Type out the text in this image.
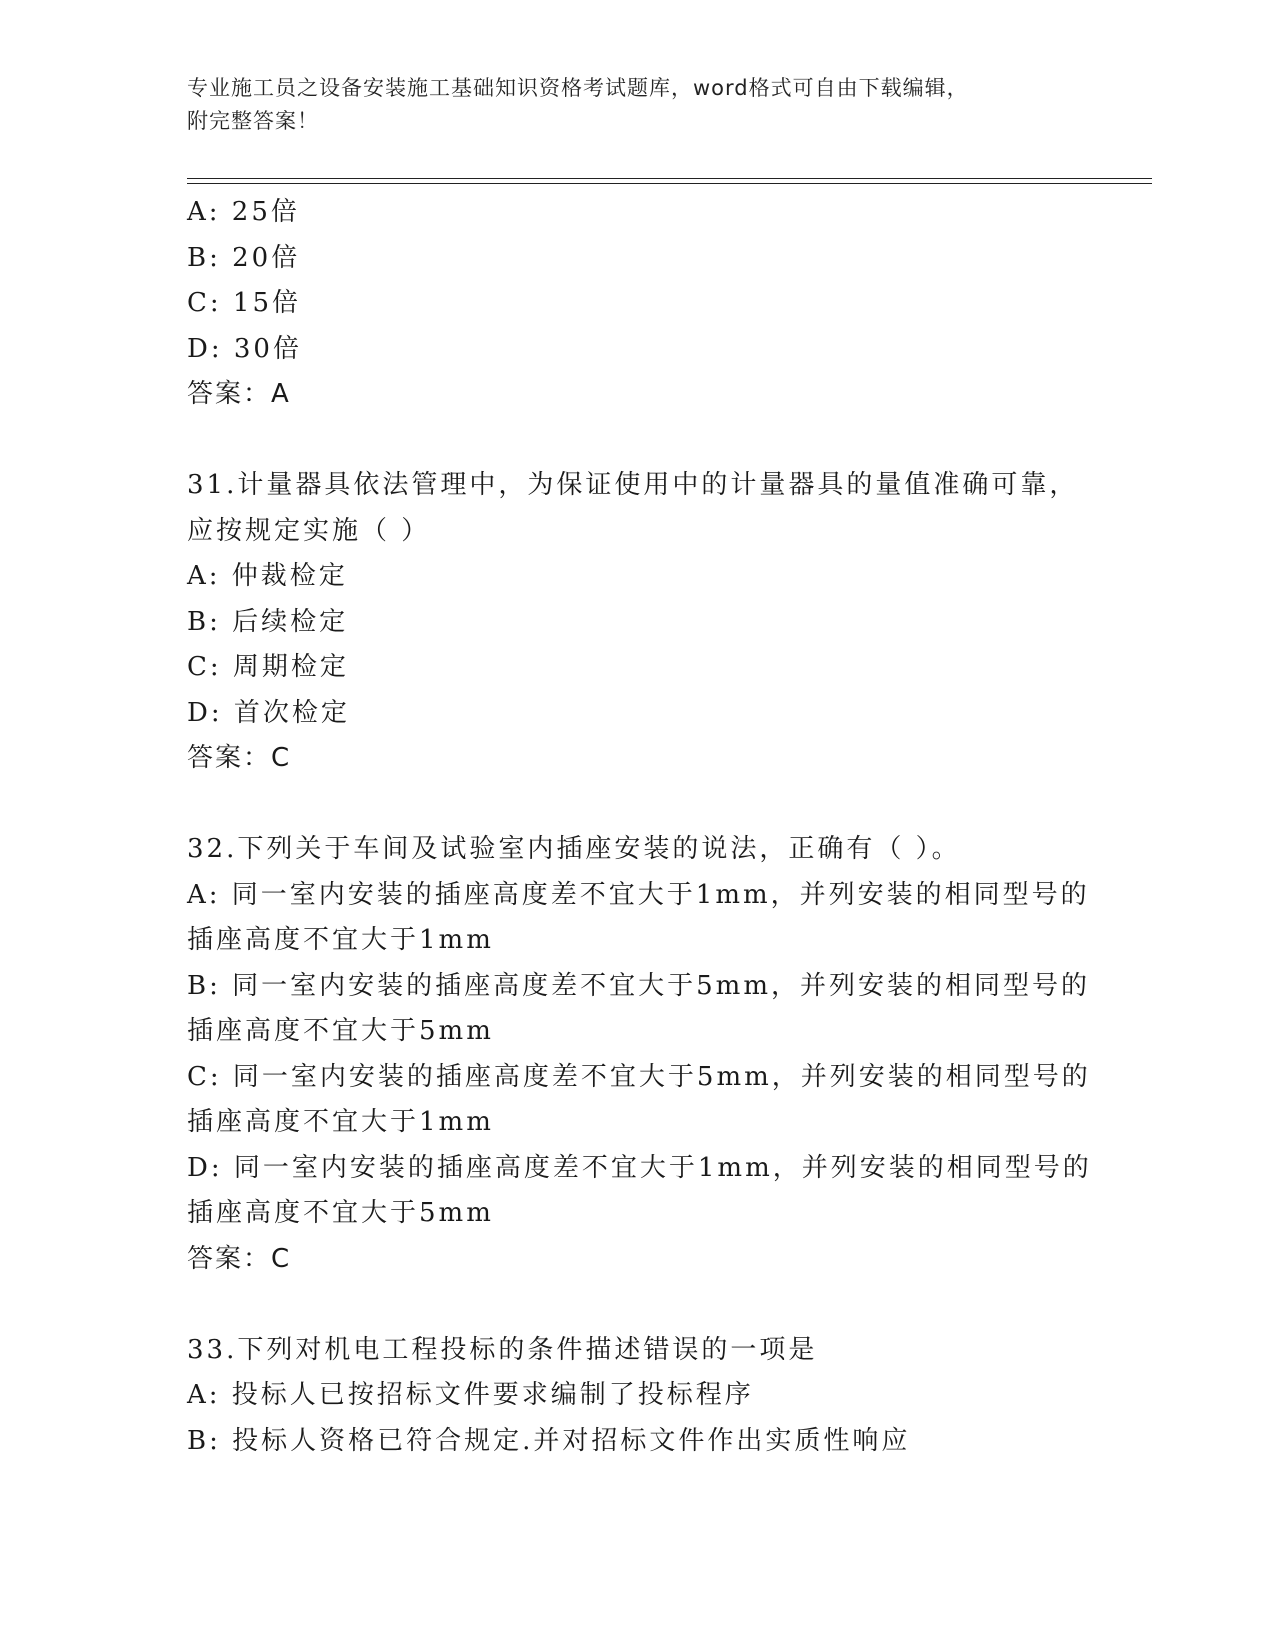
专业施工员之设备安装施工基础知识资格考试题库，word格式可自由下载编辑，
附完整答案！
A: 25倍
B: 20倍
C: 15倍
D: 30倍
答案：A
31.计量器具依法管理中，为保证使用中的计量器具的量值准确可靠，
应按规定实施（ ）
A: 仲裁检定
B: 后续检定
C: 周期检定
D: 首次检定
答案：C
32.下列关于车间及试验室内插座安装的说法，正确有（ ）。
A: 同一室内安装的插座高度差不宜大于1mm，并列安装的相同型号的
插座高度不宜大于1mm
B: 同一室内安装的插座高度差不宜大于5mm，并列安装的相同型号的
插座高度不宜大于5mm
C: 同一室内安装的插座高度差不宜大于5mm，并列安装的相同型号的
插座高度不宜大于1mm
D: 同一室内安装的插座高度差不宜大于1mm，并列安装的相同型号的
插座高度不宜大于5mm
答案：C
33.下列对机电工程投标的条件描述错误的一项是
A: 投标人已按招标文件要求编制了投标程序
B: 投标人资格已符合规定.并对招标文件作出实质性响应
